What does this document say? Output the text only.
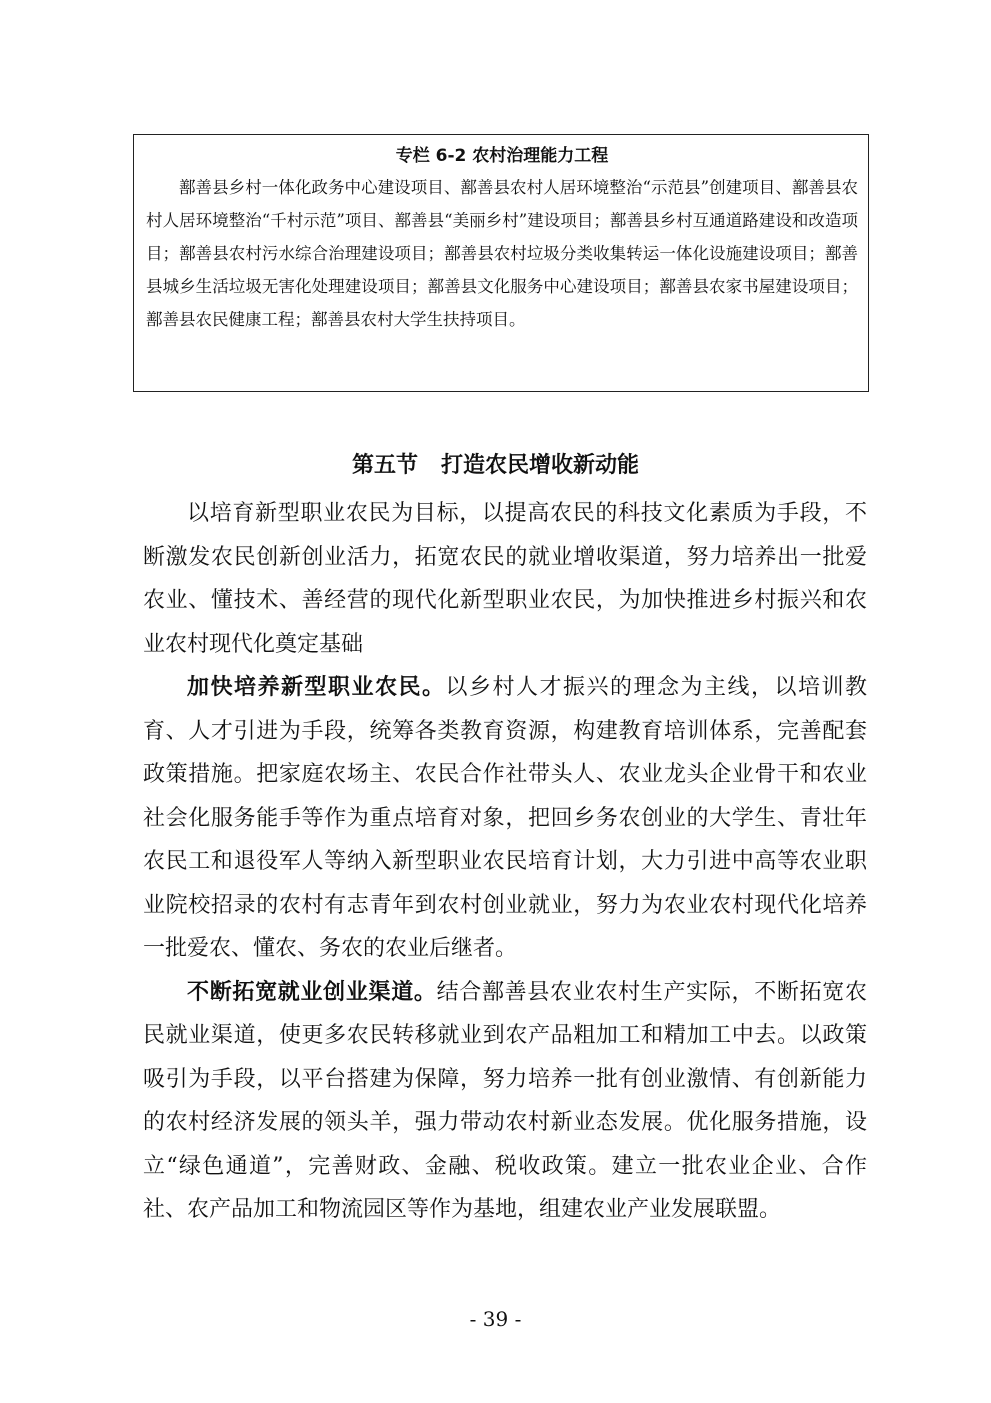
专栏 6-2 农村治理能力工程

鄯善县乡村一体化政务中心建设项目、鄯善县农村人居环境整治“示范县”创建项目、鄯善县农村人居环境整治“千村示范”项目、鄯善县“美丽乡村”建设项目；鄯善县乡村互通道路建设和改造项目；鄯善县农村污水综合治理建设项目；鄯善县农村垃圾分类收集转运一体化设施建设项目；鄯善县城乡生活垃圾无害化处理建设项目；鄯善县文化服务中心建设项目；鄯善县农家书屋建设项目；鄯善县农民健康工程；鄯善县农村大学生扶持项目。

第五节   打造农民增收新动能

以培育新型职业农民为目标，以提高农民的科技文化素质为手段，不断激发农民创新创业活力，拓宽农民的就业增收渠道，努力培养出一批爱农业、懂技术、善经营的现代化新型职业农民，为加快推进乡村振兴和农业农村现代化奠定基础

加快培养新型职业农民。以乡村人才振兴的理念为主线，以培训教育、人才引进为手段，统筹各类教育资源，构建教育培训体系，完善配套政策措施。把家庭农场主、农民合作社带头人、农业龙头企业骨干和农业社会化服务能手等作为重点培育对象，把回乡务农创业的大学生、青壮年农民工和退役军人等纳入新型职业农民培育计划，大力引进中高等农业职业院校招录的农村有志青年到农村创业就业，努力为农业农村现代化培养一批爱农、懂农、务农的农业后继者。

不断拓宽就业创业渠道。结合鄯善县农业农村生产实际，不断拓宽农民就业渠道，使更多农民转移就业到农产品粗加工和精加工中去。以政策吸引为手段，以平台搭建为保障，努力培养一批有创业激情、有创新能力的农村经济发展的领头羊，强力带动农村新业态发展。优化服务措施，设立“绿色通道”，完善财政、金融、税收政策。建立一批农业企业、合作社、农产品加工和物流园区等作为基地，组建农业产业发展联盟。

- 39 -
